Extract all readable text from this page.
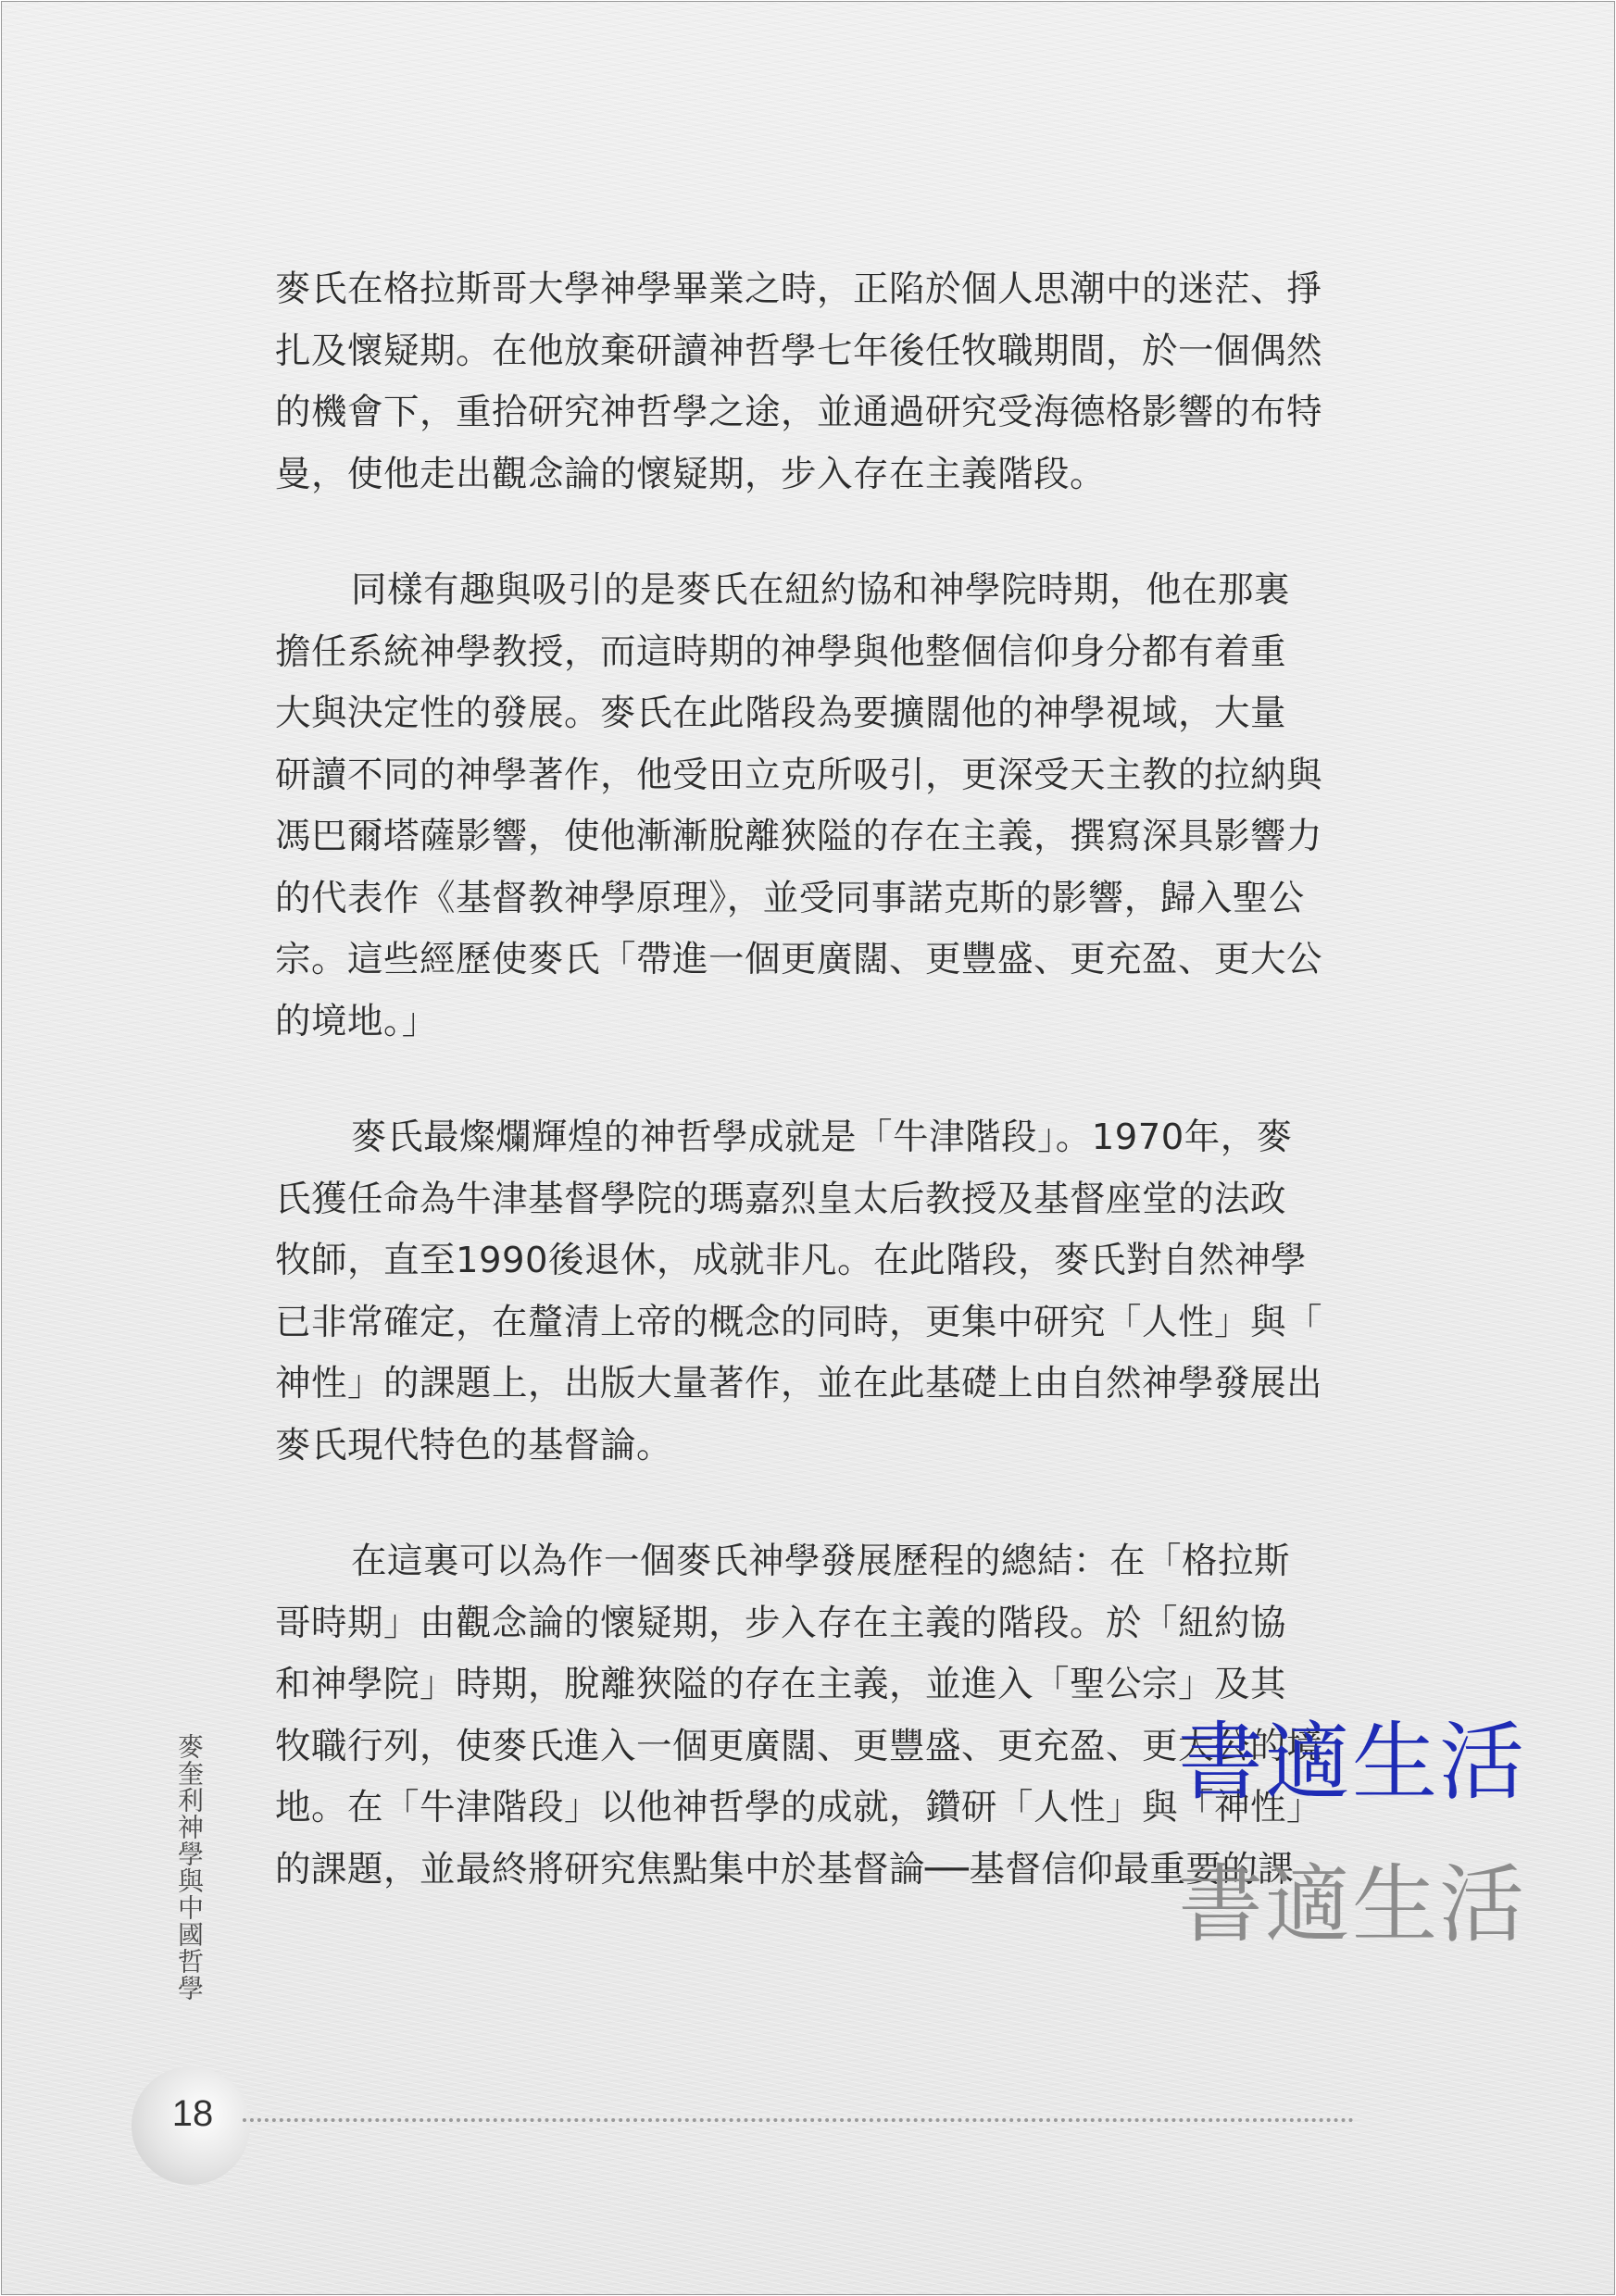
麥氏在格拉斯哥大學神學畢業之時，正陷於個人思潮中的迷茫、掙
扎及懷疑期。在他放棄研讀神哲學七年後任牧職期間，於一個偶然
的機會下，重拾研究神哲學之途，並通過研究受海德格影響的布特
曼，使他走出觀念論的懷疑期，步入存在主義階段。
同樣有趣與吸引的是麥氏在紐約協和神學院時期，他在那裏
擔任系統神學教授，而這時期的神學與他整個信仰身分都有着重
大與決定性的發展。麥氏在此階段為要擴闊他的神學視域，大量
研讀不同的神學著作，他受田立克所吸引，更深受天主教的拉納與
馮巴爾塔薩影響，使他漸漸脫離狹隘的存在主義，撰寫深具影響力
的代表作《基督教神學原理》，並受同事諾克斯的影響，歸入聖公
宗。這些經歷使麥氏「帶進一個更廣闊、更豐盛、更充盈、更大公
的境地。」
麥氏最燦爛輝煌的神哲學成就是「牛津階段」。1970年，麥
氏獲任命為牛津基督學院的瑪嘉烈皇太后教授及基督座堂的法政
牧師，直至1990後退休，成就非凡。在此階段，麥氏對自然神學
已非常確定，在釐清上帝的概念的同時，更集中研究「人性」與「
神性」的課題上，出版大量著作，並在此基礎上由自然神學發展出
麥氏現代特色的基督論。
在這裏可以為作一個麥氏神學發展歷程的總結：在「格拉斯
哥時期」由觀念論的懷疑期，步入存在主義的階段。於「紐約協
和神學院」時期，脫離狹隘的存在主義，並進入「聖公宗」及其
牧職行列，使麥氏進入一個更廣闊、更豐盛、更充盈、更大公的境
地。在「牛津階段」以他神哲學的成就，鑽研「人性」與「神性」
的課題，並最終將研究焦點集中於基督論──基督信仰最重要的課
麥奎利神學與中國哲學
18
書適生活
書適生活
